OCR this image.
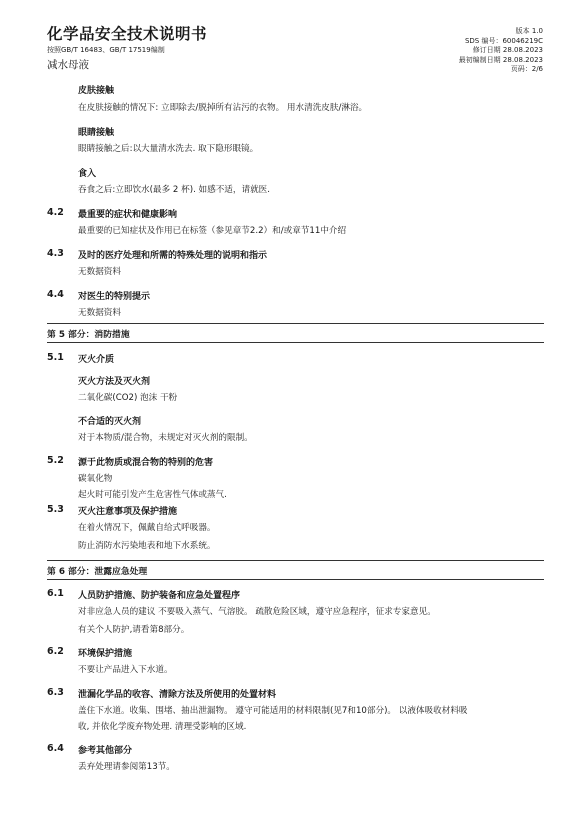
化学品安全技术说明书
按照GB/T 16483、GB/T 17519编制
减水母液
版本 1.0
SDS 编号：60046219C
修订日期 28.08.2023
最初编制日期 28.08.2023
页码：2/6
皮肤接触
在皮肤接触的情况下: 立即除去/脱掉所有沾污的衣物。 用水清洗皮肤/淋浴。
眼睛接触
眼睛接触之后:以大量清水洗去. 取下隐形眼镜。
食入
吞食之后:立即饮水(最多 2 杯). 如感不适，请就医.
4.2 最重要的症状和健康影响
最重要的已知症状及作用已在标签（参见章节2.2）和/或章节11中介绍
4.3 及时的医疗处理和所需的特殊处理的说明和指示
无数据资料
4.4 对医生的特别提示
无数据资料
第 5 部分：消防措施
5.1 灭火介质
灭火方法及灭火剂
二氧化碳(CO2) 泡沫 干粉
不合适的灭火剂
对于本物质/混合物，未规定对灭火剂的限制。
5.2 源于此物质或混合物的特别的危害
碳氧化物
起火时可能引发产生危害性气体或蒸气.
5.3 灭火注意事项及保护措施
在着火情况下，佩戴自给式呼吸器。
防止消防水污染地表和地下水系统。
第 6 部分：泄露应急处理
6.1 人员防护措施、防护装备和应急处置程序
对非应急人员的建议 不要吸入蒸气、气溶胶。 疏散危险区域，遵守应急程序，征求专家意见。
有关个人防护,请看第8部分。
6.2 环境保护措施
不要让产品进入下水道。
6.3 泄漏化学品的收容、清除方法及所使用的处置材料
盖住下水道。收集、围堵、抽出泄漏物。 遵守可能适用的材料限制(见7和10部分)。 以液体吸收材料吸
收, 并依化学废弃物处理. 清理受影响的区域.
6.4 参考其他部分
丢弃处理请参阅第13节。
